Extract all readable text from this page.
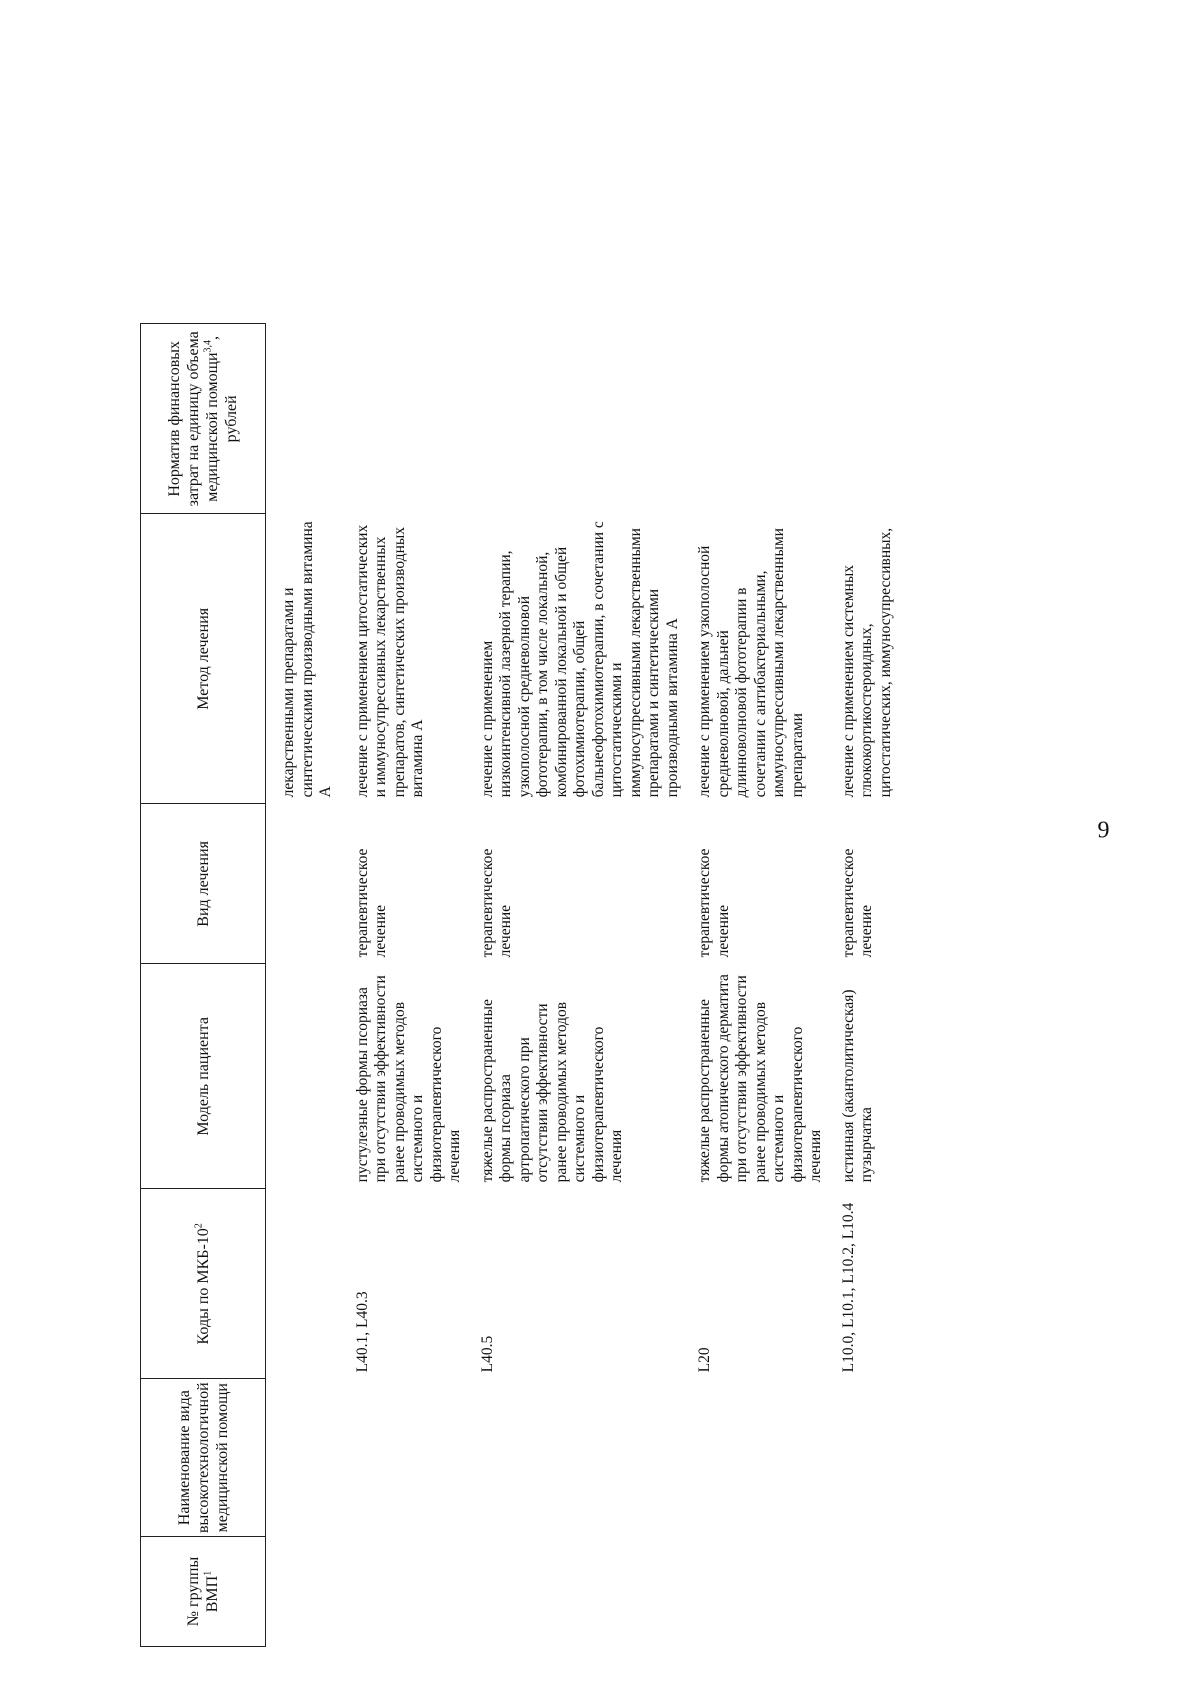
9
№ группы ВМП$^1$	Наименование вида высокотехнологичной медицинской помощи	Коды по МКБ-$10^2$	Модель пациента	Вид лечения	Метод лечения	Норматив финансовых затрат на единицу объема медицинской помощи$^{3,4}$, рублей
					лекарственными препаратами и синтетическими производными витамина А	
		L40.1, L40.3	пустулезные формы псориаза при отсутствии эффективности ранее проводимых методов системного и физиотерапевтического лечения	терапевтическое лечение	лечение с применением цитостатических и иммуносупрессивных лекарственных препаратов, синтетических производных витамина А	
		L40.5	тяжелые распространенные формы псориаза артропатического при отсутствии эффективности ранее проводимых методов системного и физиотерапевтического лечения	терапевтическое лечение	лечение с применением низкоинтенсивной лазерной терапии, узкополосной средневолновой фототерапии, в том числе локальной, комбинированной локальной и общей фотохимиотерапии, общей бальнеофотохимиотерапии, в сочетании с цитостатическими и иммуносупрессивными лекарственными препаратами и синтетическими производными витамина А	
		L20	тяжелые распространенные формы атопического дерматита при отсутствии эффективности ранее проводимых методов системного и физиотерапевтического лечения	терапевтическое лечение	лечение с применением узкополосной средневолновой, дальней длинноволновой фототерапии в сочетании с антибактериальными, иммуносупрессивными лекарственными препаратами	
		L10.0, L10.1, L10.2, L10.4	истинная (акантолитическая) пузырчатка	терапевтическое лечение	лечение с применением системных глюкокортикостероидных, цитостатических, иммуносупрессивных,	
